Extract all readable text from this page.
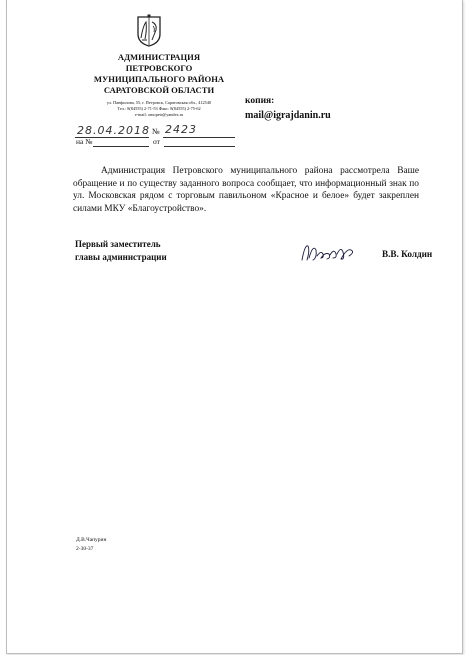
АДМИНИСТРАЦИЯ
ПЕТРОВСКОГО
МУНИЦИПАЛЬНОГО РАЙОНА
САРАТОВСКОЙ ОБЛАСТИ
ул. Панфилова, 55, г. Петровск, Саратовская обл., 412540
Тел.: 8(84555) 2-71-53 Факс: 8(84555) 2-75-62
e-mail: omopetr@yandex.ru
копия:
mail@igrajdanin.ru
28.04.2018 № 2423
на №	от
Администрация Петровского муниципального района рассмотрела Ваше обращение и по существу заданного вопроса сообщает, что информационный знак по ул. Московская рядом с торговым павильоном «Красное и белое» будет закреплен силами МКУ «Благоустройство».
Первый заместитель
главы администрации	В.В. Колдин
Д.В.Чапурин
2-30-37
